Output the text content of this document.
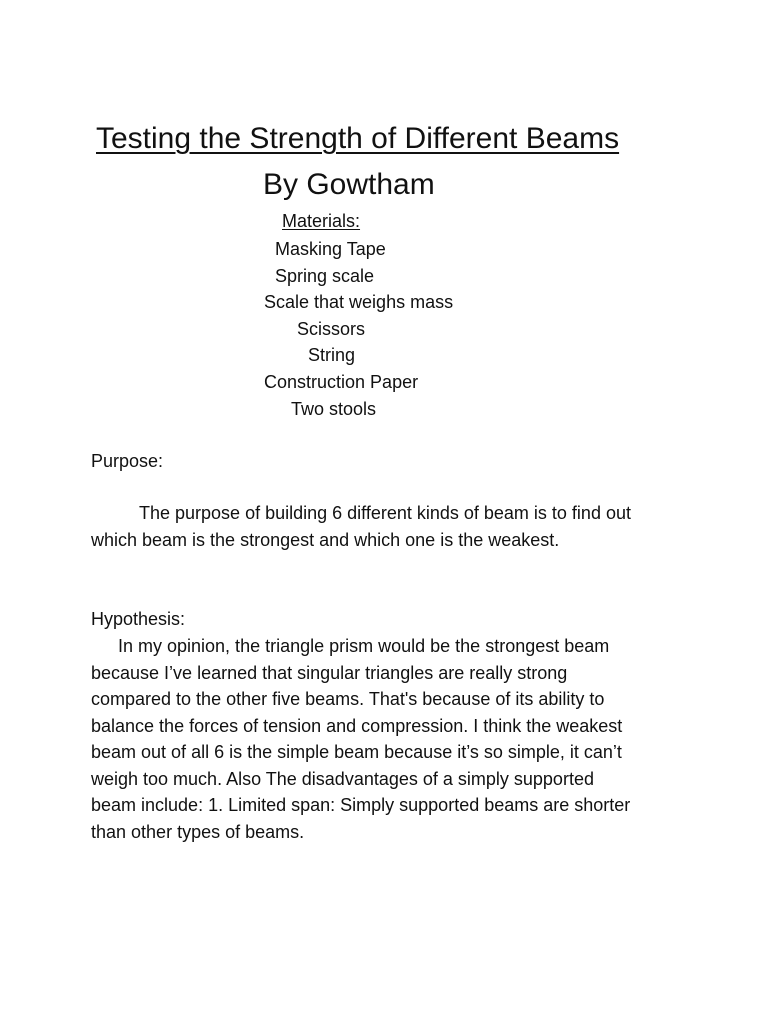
Testing the Strength of Different Beams
By Gowtham
Materials:
Masking Tape
Spring scale
Scale that weighs mass
Scissors
String
Construction Paper
Two stools
Purpose:
The purpose of building 6 different kinds of beam is to find out
which beam is the strongest and which one is the weakest.
Hypothesis:
In my opinion, the triangle prism would be the strongest beam
because I’ve learned that singular triangles are really strong
compared to the other five beams. That's because of its ability to
balance the forces of tension and compression. I think the weakest
beam out of all 6 is the simple beam because it’s so simple, it can’t
weigh too much. Also The disadvantages of a simply supported
beam include: 1. Limited span: Simply supported beams are shorter
than other types of beams.
